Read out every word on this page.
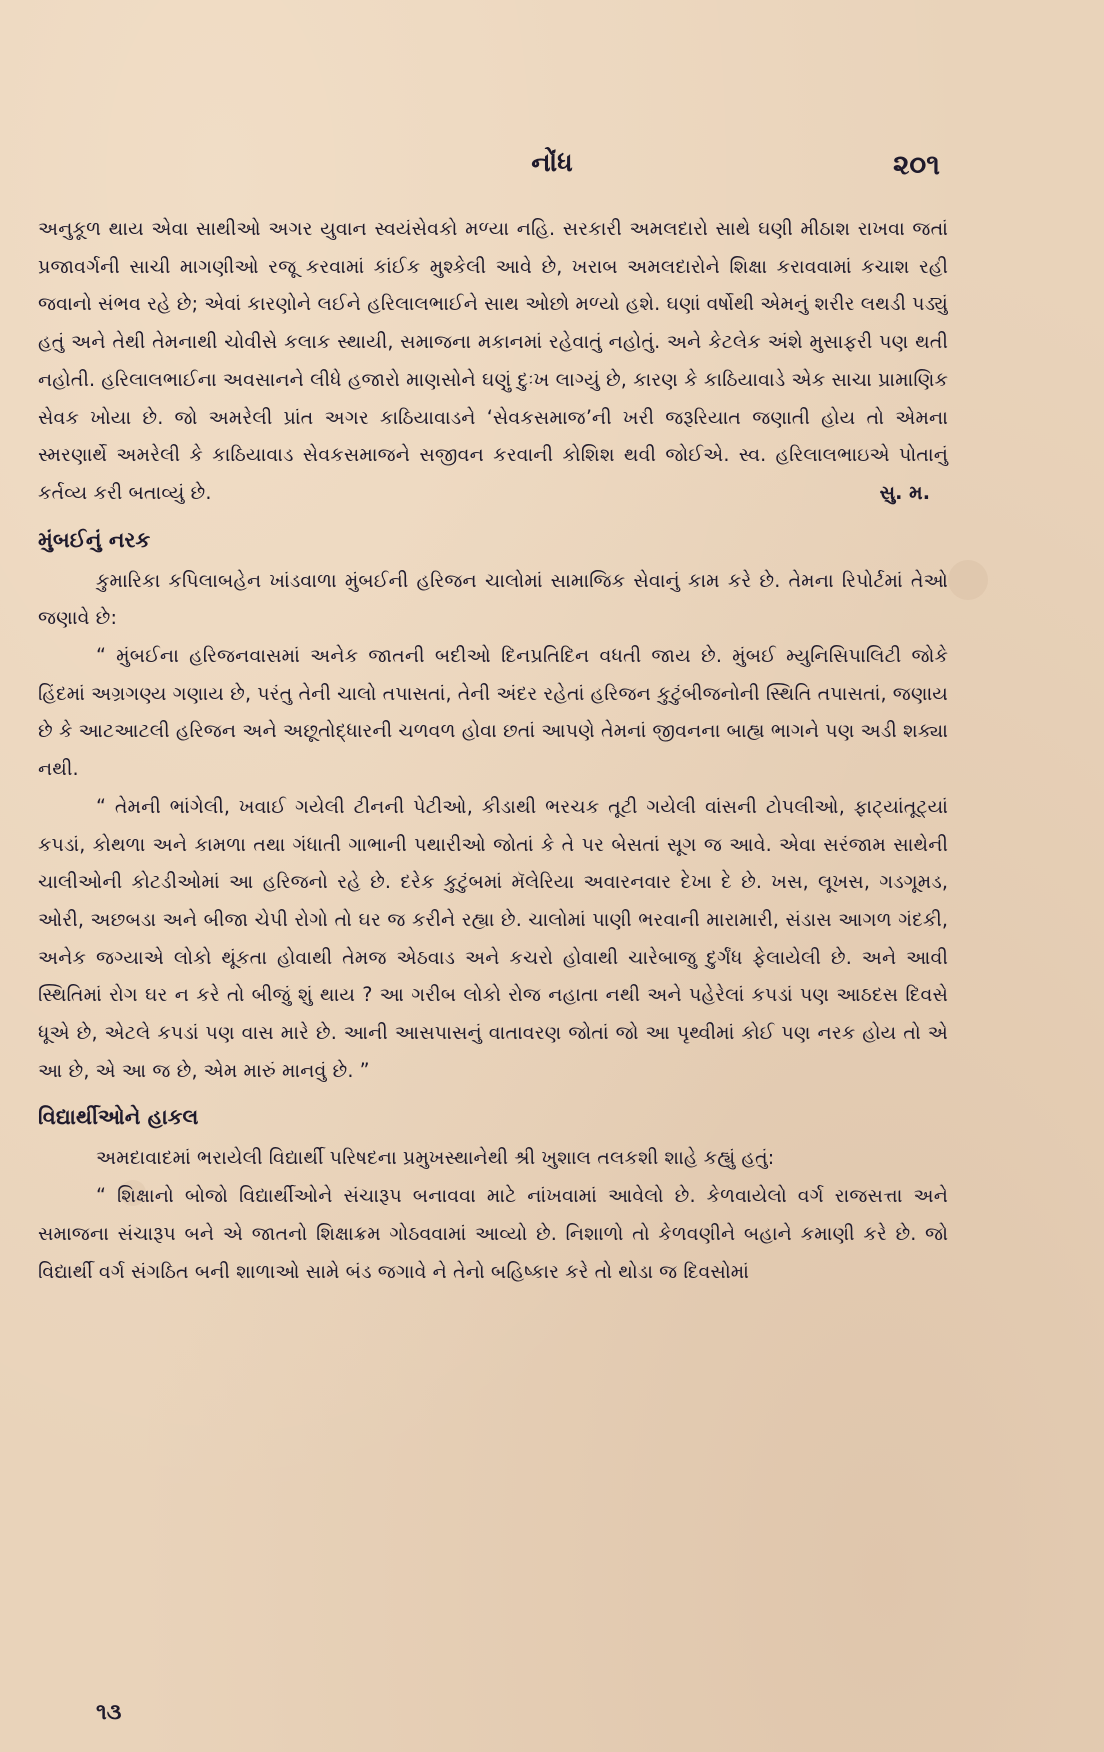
નોંધ	૨૦૧

અનુકૂળ થાય એવા સાથીઓ અગર યુવાન સ્વયંસેવકો મળ્યા નહિ. સરકારી અમલદારો સાથે ઘણી મીઠાશ રાખવા જતાં પ્રજાવર્ગની સાચી માગણીઓ રજૂ કરવામાં કાંઈક મુશ્કેલી આવે છે, ખરાબ અમલદારોને શિક્ષા કરાવવામાં કચાશ રહી જવાનો સંભવ રહે છે; એવાં કારણોને લઈને હરિલાલભાઈને સાથ ઓછો મળ્યો હશે. ઘણાં વર્ષોથી એમનું શરીર લથડી પડ્યું હતું અને તેથી તેમનાથી ચોવીસે કલાક સ્થાયી, સમાજના મકાનમાં રહેવાતું નહોતું. અને કેટલેક અંશે મુસાફરી પણ થતી નહોતી. હરિલાલભાઈના અવસાનને લીધે હજારો માણસોને ઘણું દુઃખ લાગ્યું છે, કારણ કે કાઠિયાવાડે એક સાચા પ્રામાણિક સેવક ખોયા છે. જો અમરેલી પ્રાંત અગર કાઠિયાવાડને ‘સેવકસમાજ’ની ખરી જરૂરિયાત જણાતી હોય તો એમના સ્મરણાર્થે અમરેલી કે કાઠિયાવાડ સેવકસમાજને સજીવન કરવાની કોશિશ થવી જોઈએ. સ્વ. હરિલાલભાઇએ પોતાનું કર્તવ્ય કરી બતાવ્યું છે.	સુ. મ.

મુંબઈનું નરક

કુમારિકા કપિલાબહેન ખાંડવાળા મુંબઈની હરિજન ચાલોમાં સામાજિક સેવાનું કામ કરે છે. તેમના રિપોર્ટમાં તેઓ જણાવે છે:

“ મુંબઈના હરિજનવાસમાં અનેક જાતની બદીઓ દિનપ્રતિદિન વધતી જાય છે. મુંબઈ મ્યુનિસિપાલિટી જોકે હિંદમાં અગ્રગણ્ય ગણાય છે, પરંતુ તેની ચાલો તપાસતાં, તેની અંદર રહેતાં હરિજન કુટુંબીજનોની સ્થિતિ તપાસતાં, જણાય છે કે આટઆટલી હરિજન અને અછૂતોદ્ધારની ચળવળ હોવા છતાં આપણે તેમનાં જીવનના બાહ્ય ભાગને પણ અડી શક્યા નથી.

“ તેમની ભાંગેલી, ખવાઈ ગયેલી ટીનની પેટીઓ, કીડાથી ભરચક તૂટી ગયેલી વાંસની ટોપલીઓ, ફાટ્યાંતૂટ્યાં કપડાં, કોથળા અને કામળા તથા ગંધાતી ગાભાની પથારીઓ જોતાં કે તે પર બેસતાં સૂગ જ આવે. એવા સરંજામ સાથેની ચાલીઓની કોટડીઓમાં આ હરિજનો રહે છે. દરેક કુટુંબમાં મૅલેરિયા અવારનવાર દેખા દે છે. ખસ, લૂખસ, ગડગૂમડ, ઓરી, અછબડા અને બીજા ચેપી રોગો તો ઘર જ કરીને રહ્યા છે. ચાલોમાં પાણી ભરવાની મારામારી, સંડાસ આગળ ગંદકી, અનેક જગ્યાએ લોકો થૂંકતા હોવાથી તેમજ એઠવાડ અને કચરો હોવાથી ચારેબાજુ દુર્ગંધ ફેલાયેલી છે. અને આવી સ્થિતિમાં રોગ ઘર ન કરે તો બીજું શું થાય ? આ ગરીબ લોકો રોજ નહાતા નથી અને પહેરેલાં કપડાં પણ આઠદસ દિવસે ધૂએ છે, એટલે કપડાં પણ વાસ મારે છે. આની આસપાસનું વાતાવરણ જોતાં જો આ પૃથ્વીમાં કોઈ પણ નરક હોય તો એ આ છે, એ આ જ છે, એમ મારું માનવું છે. ”

વિદ્યાર્થીઓને હાકલ

અમદાવાદમાં ભરાયેલી વિદ્યાર્થી પરિષદના પ્રમુખસ્થાનેથી શ્રી ખુશાલ તલકશી શાહે કહ્યું હતું:

“ શિક્ષાનો બોજો વિદ્યાર્થીઓને સંચારૂપ બનાવવા માટે નાંખવામાં આવેલો છે. કેળવાયેલો વર્ગ રાજસત્તા અને સમાજના સંચારૂપ બને એ જાતનો શિક્ષાક્રમ ગોઠવવામાં આવ્યો છે. નિશાળો તો કેળવણીને બહાને કમાણી કરે છે. જો વિદ્યાર્થી વર્ગ સંગઠિત બની શાળાઓ સામે બંડ જગાવે ને તેનો બહિષ્કાર કરે તો થોડા જ દિવસોમાં

૧૩
